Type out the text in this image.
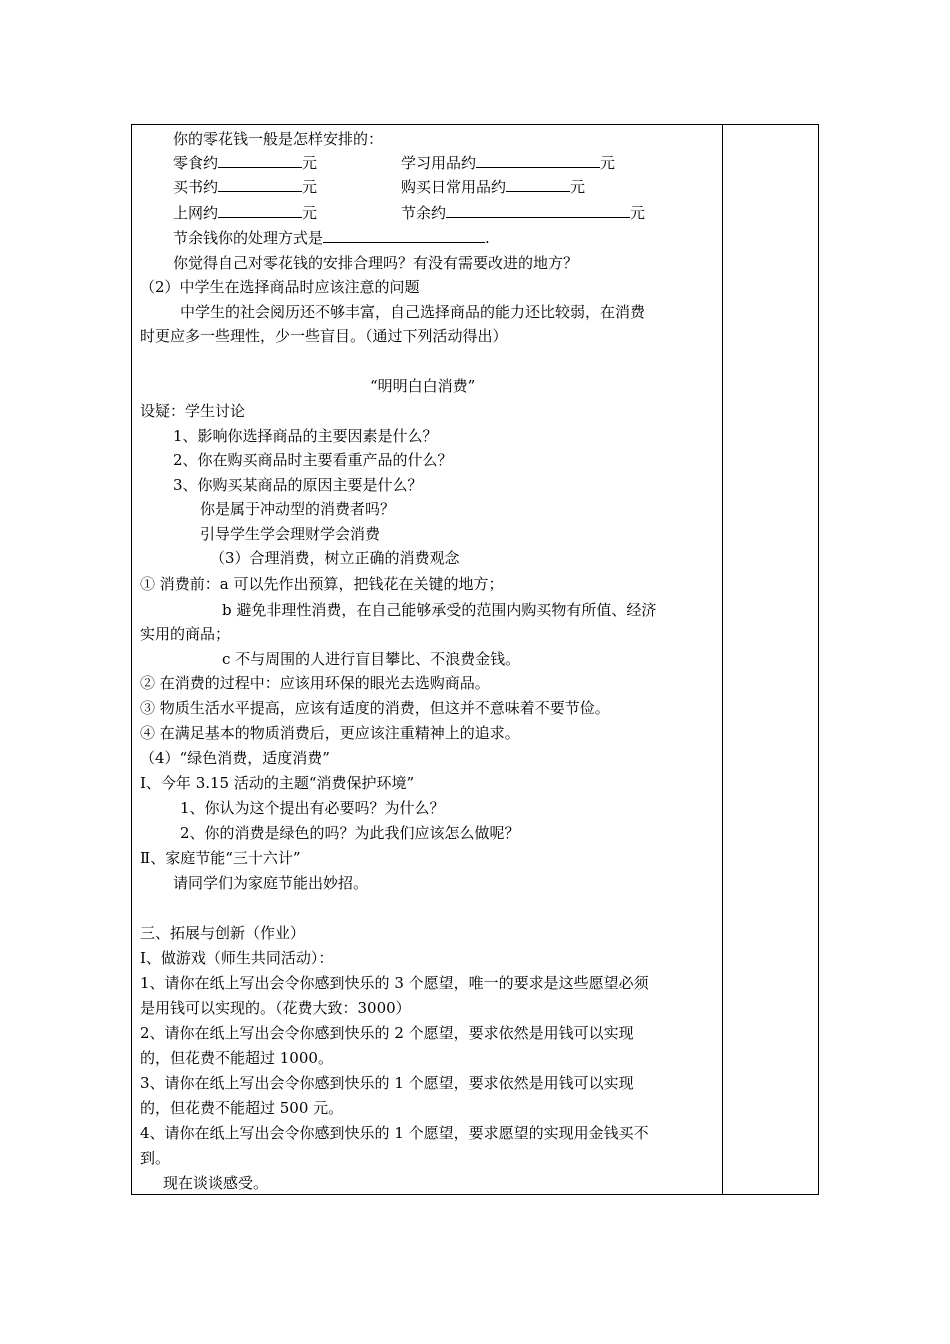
你的零花钱一般是怎样安排的：
零食约	元	学习用品约	元
买书约	元	购买日常用品约	元
上网约	元	节余约	元
节余钱你的处理方式是	.
你觉得自己对零花钱的安排合理吗？有没有需要改进的地方？
（2）中学生在选择商品时应该注意的问题
中学生的社会阅历还不够丰富，自己选择商品的能力还比较弱，在消费
时更应多一些理性，少一些盲目。（通过下列活动得出）
“明明白白消费”
设疑：学生讨论
1、影响你选择商品的主要因素是什么？
2、你在购买商品时主要看重产品的什么？
3、你购买某商品的原因主要是什么？
你是属于冲动型的消费者吗？
引导学生学会理财学会消费
（3）合理消费，树立正确的消费观念
① 消费前：a 可以先作出预算，把钱花在关键的地方；
b 避免非理性消费，在自己能够承受的范围内购买物有所值、经济
实用的商品；
c 不与周围的人进行盲目攀比、不浪费金钱。
② 在消费的过程中：应该用环保的眼光去选购商品。
③ 物质生活水平提高，应该有适度的消费，但这并不意味着不要节俭。
④ 在满足基本的物质消费后，更应该注重精神上的追求。
（4）“绿色消费，适度消费”
Ⅰ、今年 3.15 活动的主题“消费保护环境”
1、你认为这个提出有必要吗？为什么？
2、你的消费是绿色的吗？为此我们应该怎么做呢？
Ⅱ、家庭节能“三十六计”
请同学们为家庭节能出妙招。
三、拓展与创新（作业）
Ⅰ、做游戏（师生共同活动）：
1、请你在纸上写出会令你感到快乐的 3 个愿望，唯一的要求是这些愿望必须
是用钱可以实现的。（花费大致：3000）
2、请你在纸上写出会令你感到快乐的 2 个愿望，要求依然是用钱可以实现
的，但花费不能超过 1000。
3、请你在纸上写出会令你感到快乐的 1 个愿望，要求依然是用钱可以实现
的，但花费不能超过 500 元。
4、请你在纸上写出会令你感到快乐的 1 个愿望，要求愿望的实现用金钱买不
到。
现在谈谈感受。
